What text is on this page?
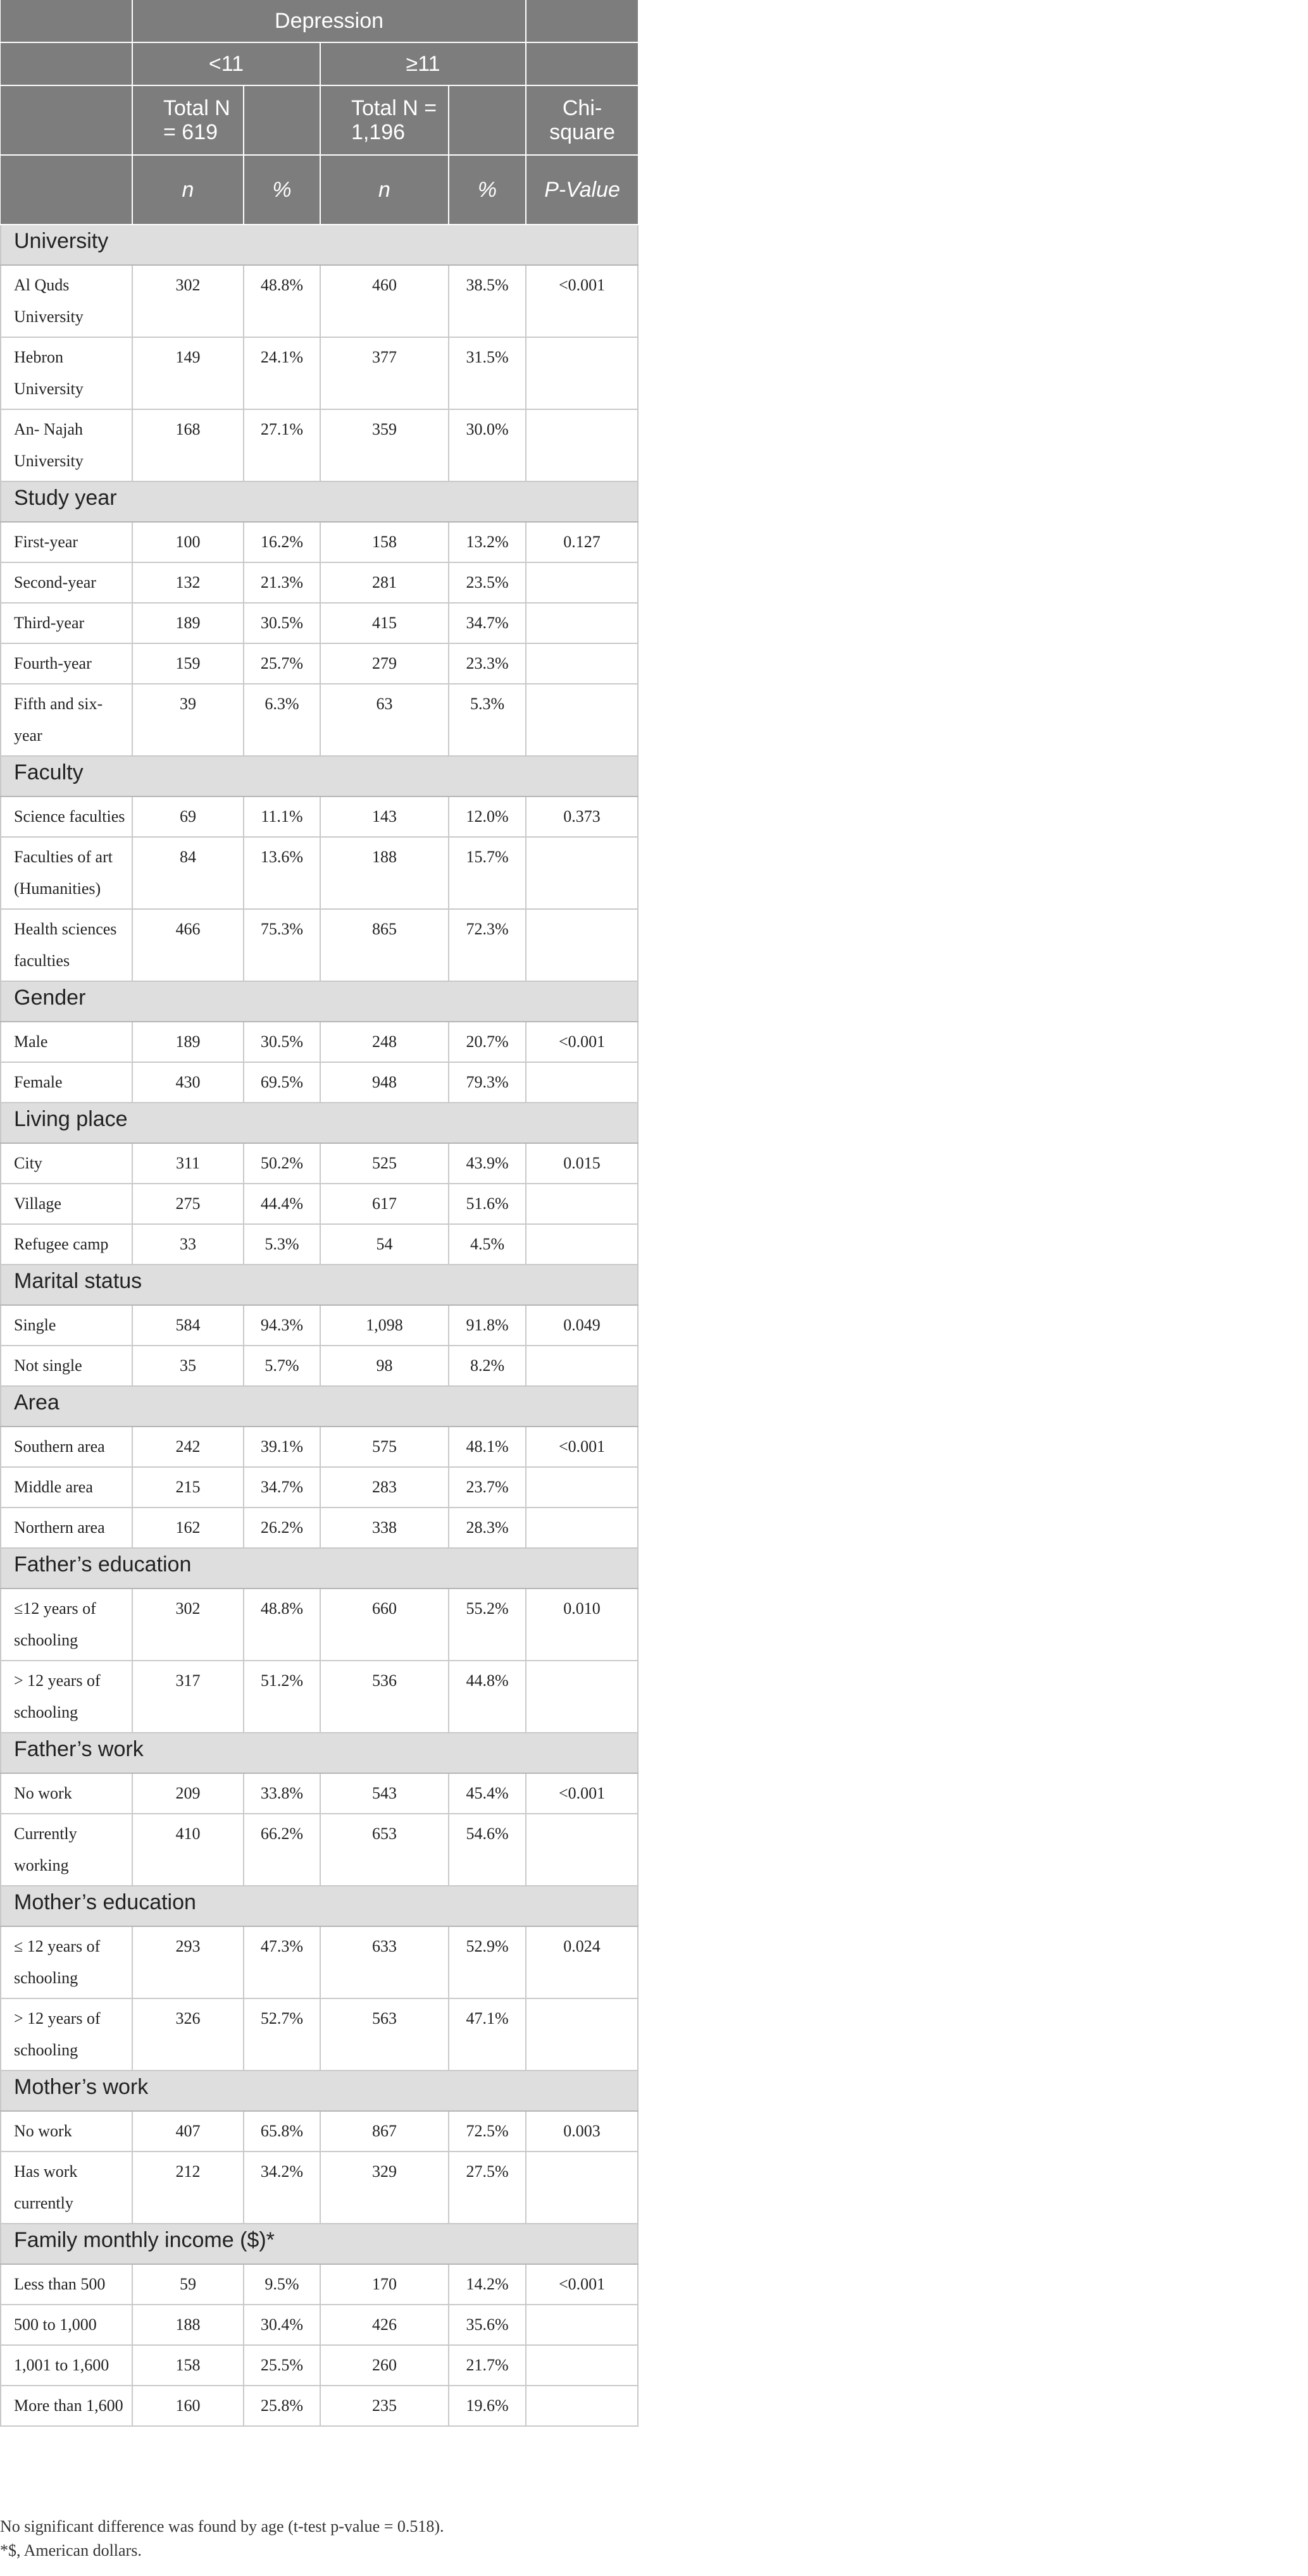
	Depression				
	<11		≥11		
	Total N = 619		Total N = 1,196		Chi-square
	n	%	n	%	P-Value
University					
Al Quds University	302	48.8%	460	38.5%	<0.001
Hebron University	149	24.1%	377	31.5%	
An- Najah University	168	27.1%	359	30.0%	
Study year					
First-year	100	16.2%	158	13.2%	0.127
Second-year	132	21.3%	281	23.5%	
Third-year	189	30.5%	415	34.7%	
Fourth-year	159	25.7%	279	23.3%	
Fifth and six-year	39	6.3%	63	5.3%	
Faculty					
Science faculties	69	11.1%	143	12.0%	0.373
Faculties of art (Humanities)	84	13.6%	188	15.7%	
Health sciences faculties	466	75.3%	865	72.3%	
Gender					
Male	189	30.5%	248	20.7%	<0.001
Female	430	69.5%	948	79.3%	
Living place					
City	311	50.2%	525	43.9%	0.015
Village	275	44.4%	617	51.6%	
Refugee camp	33	5.3%	54	4.5%	
Marital status					
Single	584	94.3%	1,098	91.8%	0.049
Not single	35	5.7%	98	8.2%	
Area					
Southern area	242	39.1%	575	48.1%	<0.001
Middle area	215	34.7%	283	23.7%	
Northern area	162	26.2%	338	28.3%	
Father’s education					
≤12 years of schooling	302	48.8%	660	55.2%	0.010
> 12 years of schooling	317	51.2%	536	44.8%	
Father’s work					
No work	209	33.8%	543	45.4%	<0.001
Currently working	410	66.2%	653	54.6%	
Mother’s education					
≤ 12 years of schooling	293	47.3%	633	52.9%	0.024
> 12 years of schooling	326	52.7%	563	47.1%	
Mother’s work					
No work	407	65.8%	867	72.5%	0.003
Has work currently	212	34.2%	329	27.5%	
Family monthly income ($)*					
Less than 500	59	9.5%	170	14.2%	<0.001
500 to 1,000	188	30.4%	426	35.6%	
1,001 to 1,600	158	25.5%	260	21.7%	
More than 1,600	160	25.8%	235	19.6%	

No significant difference was found by age (t-test p-value = 0.518).

*$, American dollars.
